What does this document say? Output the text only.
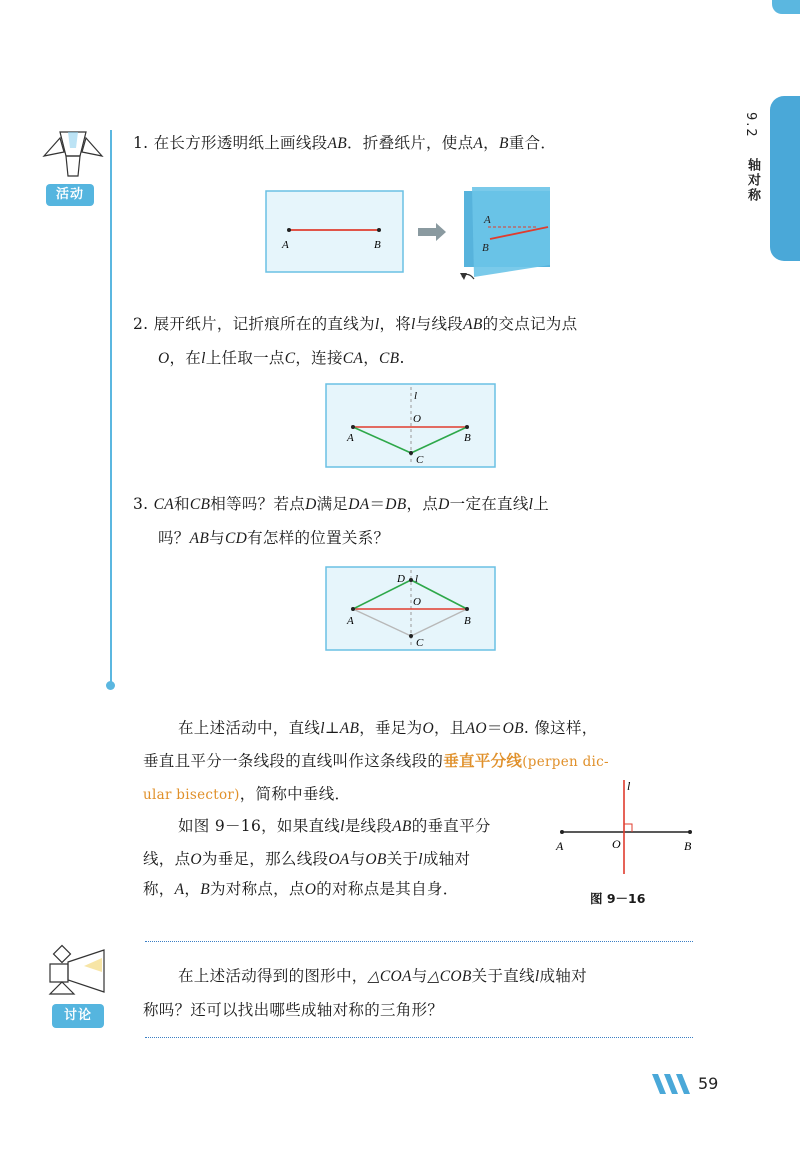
9.2
轴对称
活动
1. 在长方形透明纸上画线段AB．折叠纸片，使点A，B重合．
A	B
A
B
2. 展开纸片，记折痕所在的直线为l，将l与线段AB的交点记为点
O，在l上任取一点C，连接CA，CB.
l
O
A	B
C
3. CA和CB相等吗？若点D满足DA＝DB，点D一定在直线l上
吗？AB与CD有怎样的位置关系？
D l
O
A	B
C
在上述活动中，直线l⊥AB，垂足为O，且AO＝OB. 像这样，
垂直且平分一条线段的直线叫作这条线段的垂直平分线(perpen dic-
ular bisector)，简称中垂线．
如图 9－16，如果直线l是线段AB的垂直平分
线，点O为垂足，那么线段OA与OB关于l成轴对
称，A，B为对称点，点O的对称点是其自身．
l
A	O	B
图 9－16
讨论
在上述活动得到的图形中，△COA与△COB关于直线l成轴对
称吗？还可以找出哪些成轴对称的三角形？
59
